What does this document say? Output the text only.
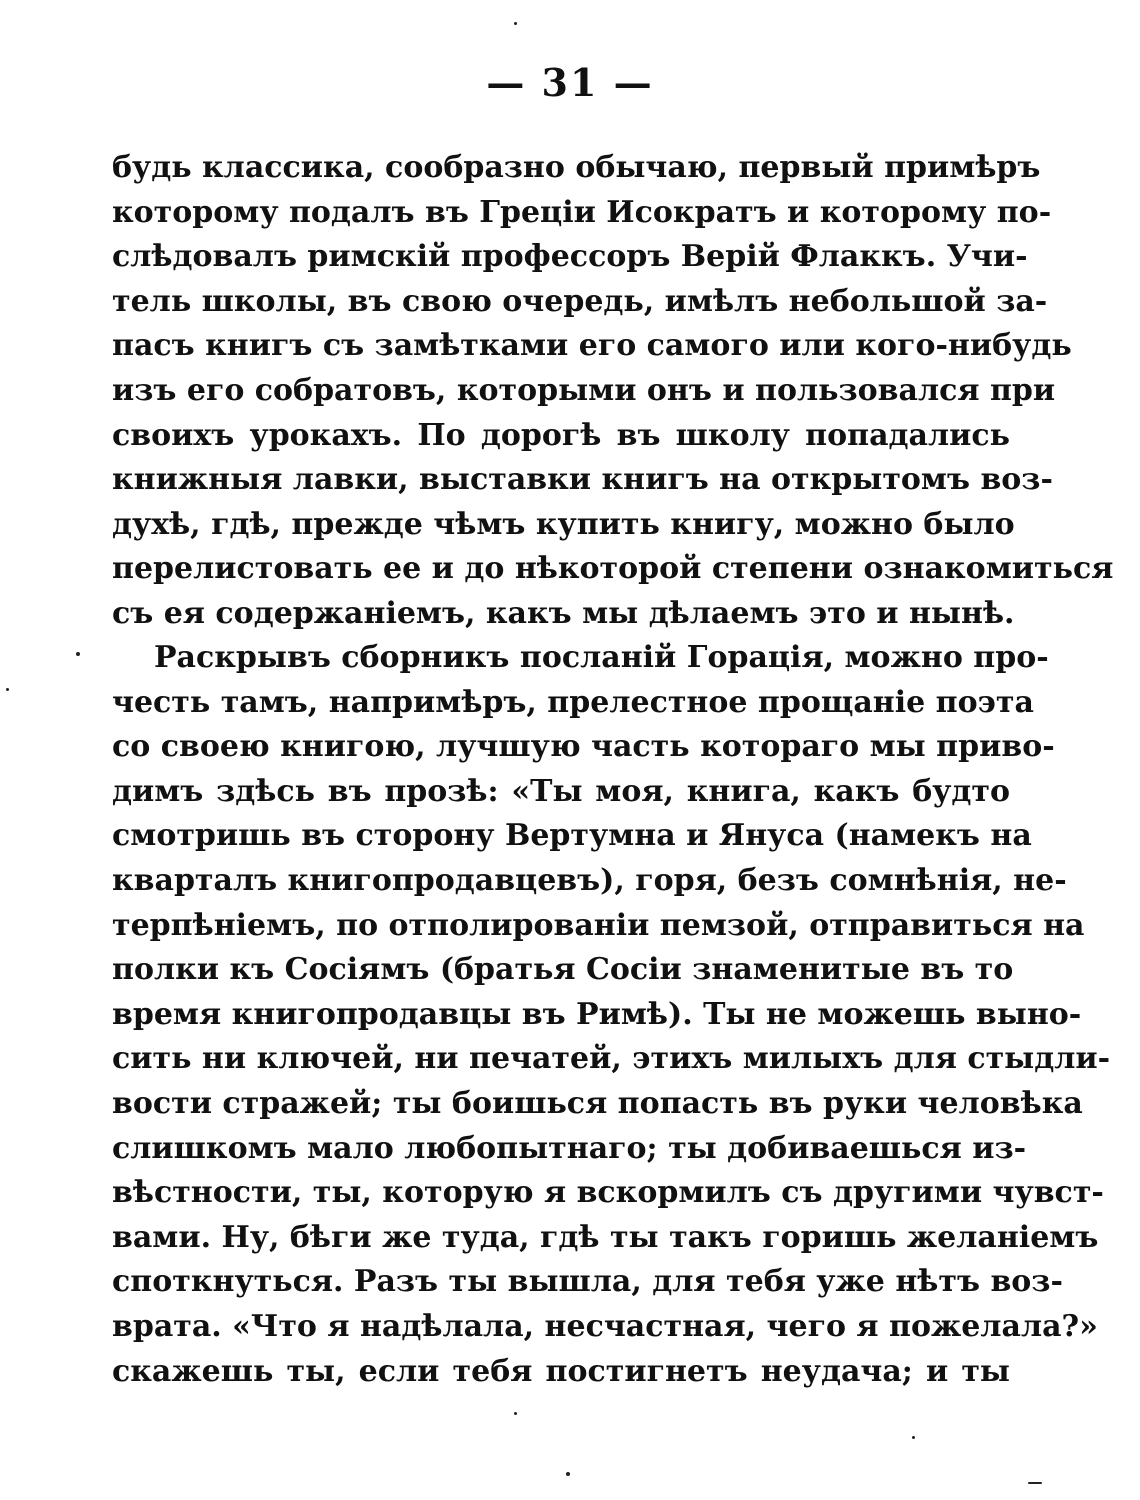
— 31 —
будь классика, сообразно обычаю, первый примѣръ
которому подалъ въ Греціи Исократъ и которому по-
слѣдовалъ римскій профессоръ Верій Флаккъ. Учи-
тель школы, въ свою очередь, имѣлъ небольшой за-
пасъ книгъ съ замѣтками его самого или кого-нибудь
изъ его собратовъ, которыми онъ и пользовался при
своихъ урокахъ. По дорогѣ въ школу попадались
книжныя лавки, выставки книгъ на открытомъ воз-
духѣ, гдѣ, прежде чѣмъ купить книгу, можно было
перелистовать ее и до нѣкоторой степени ознакомиться
съ ея содержаніемъ, какъ мы дѣлаемъ это и нынѣ.
Раскрывъ сборникъ посланій Горація, можно про-
честь тамъ, напримѣръ, прелестное прощаніе поэта
со своею книгою, лучшую часть котораго мы приво-
димъ здѣсь въ прозѣ: «Ты моя, книга, какъ будто
смотришь въ сторону Вертумна и Януса (намекъ на
кварталъ книгопродавцевъ), горя, безъ сомнѣнія, не-
терпѣніемъ, по отполированіи пемзой, отправиться на
полки къ Сосіямъ (братья Сосіи знаменитые въ то
время книгопродавцы въ Римѣ). Ты не можешь выно-
сить ни ключей, ни печатей, этихъ милыхъ для стыдли-
вости стражей; ты боишься попасть въ руки человѣка
слишкомъ мало любопытнаго; ты добиваешься из-
вѣстности, ты, которую я вскормилъ съ другими чувст-
вами. Ну, бѣги же туда, гдѣ ты такъ горишь желаніемъ
споткнуться. Разъ ты вышла, для тебя уже нѣтъ воз-
врата. «Что я надѣлала, несчастная, чего я пожелала?»
скажешь ты, если тебя постигнетъ неудача; и ты
